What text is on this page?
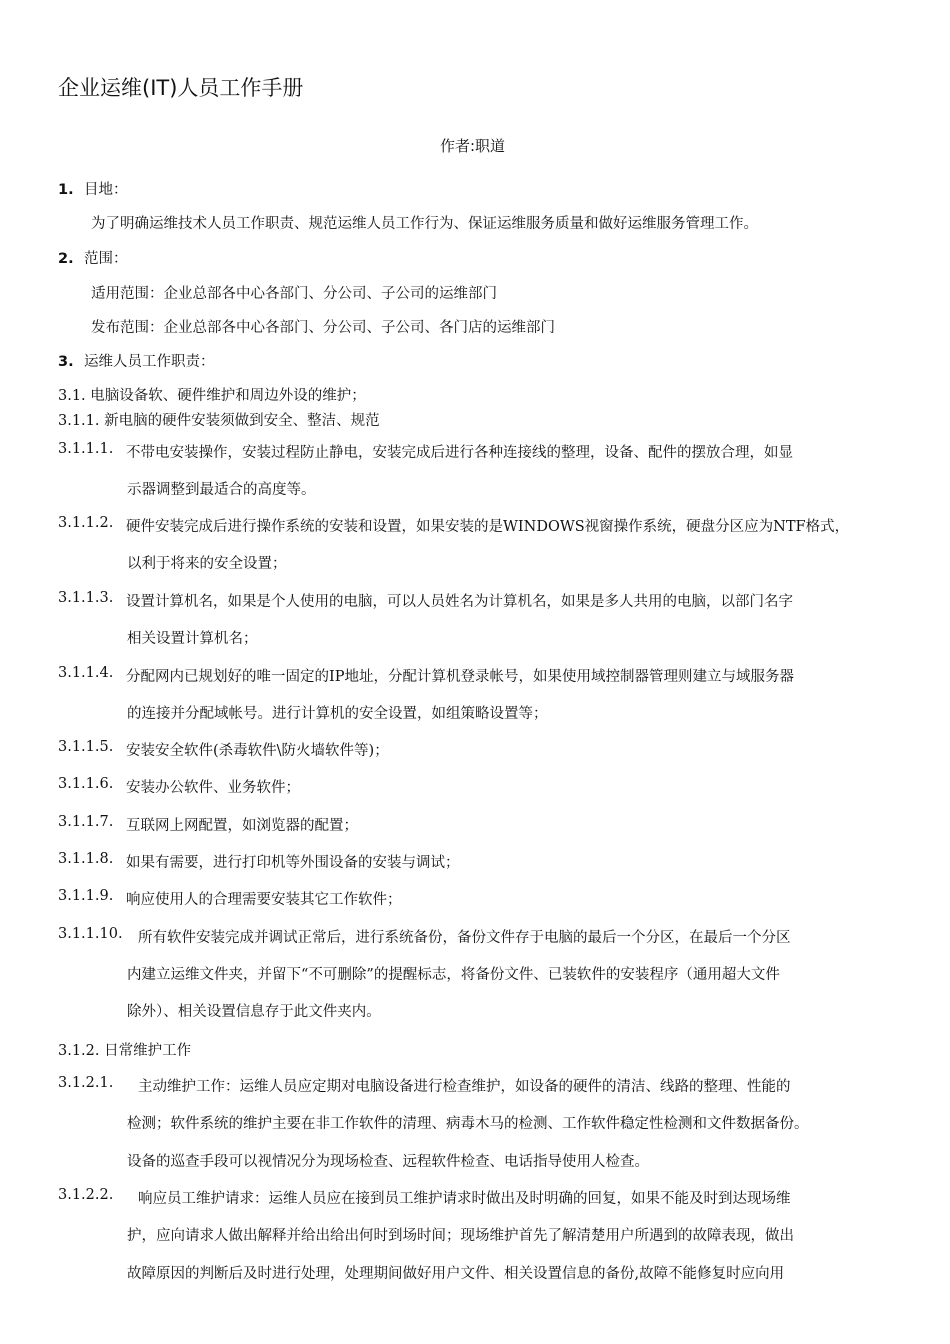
企业运维(IT)人员工作手册
作者:职道
1. 目地：
为了明确运维技术人员工作职责、规范运维人员工作行为、保证运维服务质量和做好运维服务管理工作。
2. 范围：
适用范围：企业总部各中心各部门、分公司、子公司的运维部门
发布范围：企业总部各中心各部门、分公司、子公司、各门店的运维部门
3. 运维人员工作职责：
3.1. 电脑设备软、硬件维护和周边外设的维护；
3.1.1. 新电脑的硬件安装须做到安全、整洁、规范
3.1.1.1. 不带电安装操作，安装过程防止静电，安装完成后进行各种连接线的整理，设备、配件的摆放合理，如显
示器调整到最适合的高度等。
3.1.1.2. 硬件安装完成后进行操作系统的安装和设置，如果安装的是WINDOWS视窗操作系统，硬盘分区应为NTF格式，
以利于将来的安全设置；
3.1.1.3. 设置计算机名，如果是个人使用的电脑，可以人员姓名为计算机名，如果是多人共用的电脑，以部门名字
相关设置计算机名；
3.1.1.4. 分配网内已规划好的唯一固定的IP地址，分配计算机登录帐号，如果使用域控制器管理则建立与域服务器
的连接并分配域帐号。进行计算机的安全设置，如组策略设置等；
3.1.1.5. 安装安全软件(杀毒软件\防火墙软件等)；
3.1.1.6. 安装办公软件、业务软件；
3.1.1.7. 互联网上网配置，如浏览器的配置；
3.1.1.8. 如果有需要，进行打印机等外围设备的安装与调试；
3.1.1.9. 响应使用人的合理需要安装其它工作软件；
3.1.1.10. 所有软件安装完成并调试正常后，进行系统备份，备份文件存于电脑的最后一个分区，在最后一个分区
内建立运维文件夹，并留下“不可删除”的提醒标志，将备份文件、已装软件的安装程序（通用超大文件
除外）、相关设置信息存于此文件夹内。
3.1.2. 日常维护工作
3.1.2.1. 主动维护工作：运维人员应定期对电脑设备进行检查维护，如设备的硬件的清洁、线路的整理、性能的
检测；软件系统的维护主要在非工作软件的清理、病毒木马的检测、工作软件稳定性检测和文件数据备份。
设备的巡查手段可以视情况分为现场检查、远程软件检查、电话指导使用人检查。
3.1.2.2. 响应员工维护请求：运维人员应在接到员工维护请求时做出及时明确的回复，如果不能及时到达现场维
护，应向请求人做出解释并给出给出何时到场时间；现场维护首先了解清楚用户所遇到的故障表现，做出
故障原因的判断后及时进行处理，处理期间做好用户文件、相关设置信息的备份,故障不能修复时应向用
